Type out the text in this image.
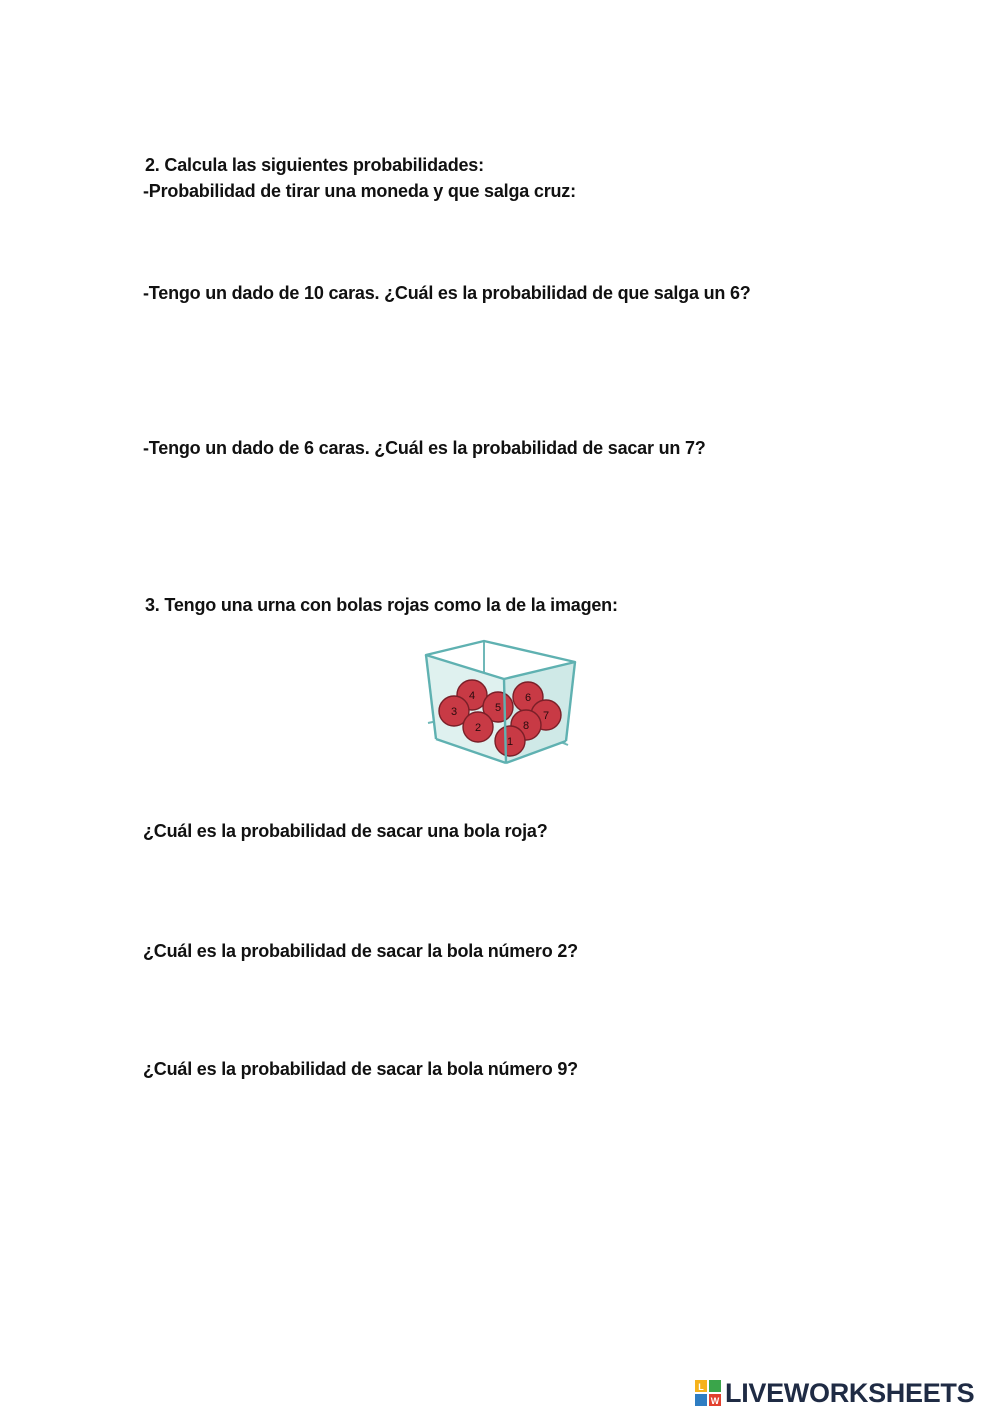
2. Calcula las siguientes probabilidades:

-Probabilidad de tirar una moneda y que salga cruz:

-Tengo un dado de 10 caras. ¿Cuál es la probabilidad de que salga un 6?

-Tengo un dado de 6 caras. ¿Cuál es la probabilidad de sacar un 7?

3. Tengo una urna con bolas rojas como la de la imagen:

4
3	5
6
2
7
8
1

¿Cuál es la probabilidad de sacar una bola roja?

¿Cuál es la probabilidad de sacar la bola número 2?

¿Cuál es la probabilidad de sacar la bola número 9?

L
W LIVEWORKSHEETS
